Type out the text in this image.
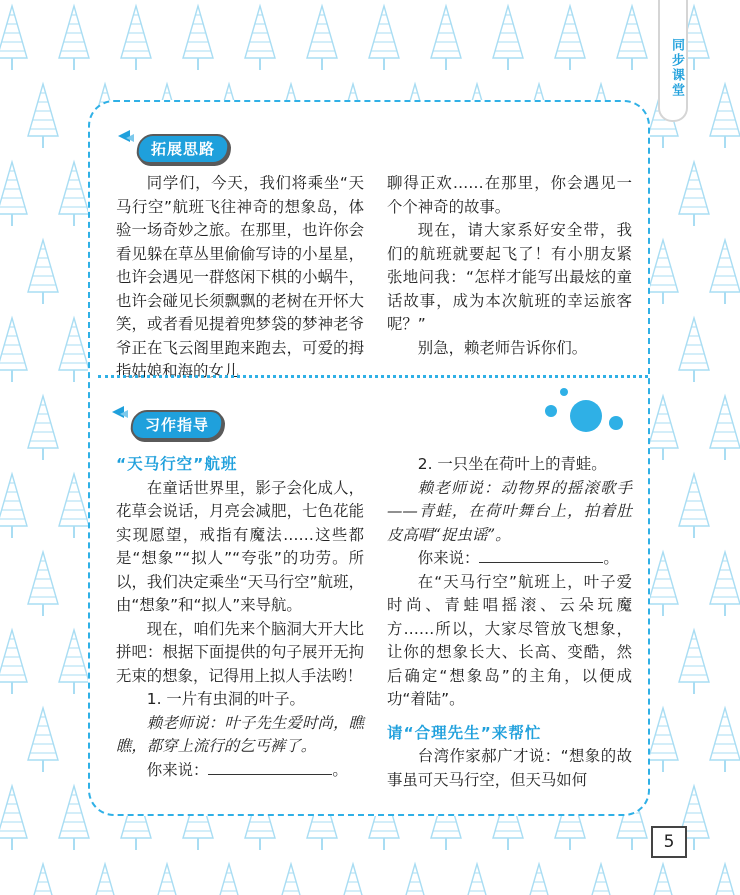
同步课堂
拓展思路

同学们，今天，我们将乘坐“天马行空”航班飞往神奇的想象岛，体验一场奇妙之旅。在那里，也许你会看见躲在草丛里偷偷写诗的小星星，也许会遇见一群悠闲下棋的小蜗牛，也许会碰见长须飘飘的老树在开怀大笑，或者看见提着兜梦袋的梦神老爷爷正在飞云阁里跑来跑去，可爱的拇指姑娘和海的女儿

聊得正欢……在那里，你会遇见一个个神奇的故事。

现在，请大家系好安全带，我们的航班就要起飞了！有小朋友紧张地问我：“怎样才能写出最炫的童话故事，成为本次航班的幸运旅客呢？”

别急，赖老师告诉你们。

习作指导

“天马行空”航班

在童话世界里，影子会化成人，花草会说话，月亮会减肥，七色花能实现愿望，戒指有魔法……这些都是“想象”“拟人”“夸张”的功劳。所以，我们决定乘坐“天马行空”航班，由“想象”和“拟人”来导航。

现在，咱们先来个脑洞大开大比拼吧：根据下面提供的句子展开无拘无束的想象，记得用上拟人手法哟！

1. 一片有虫洞的叶子。

赖老师说：叶子先生爱时尚，瞧瞧，都穿上流行的乞丐裤了。

你来说：	。

2. 一只坐在荷叶上的青蛙。

赖老师说：动物界的摇滚歌手——青蛙，在荷叶舞台上，拍着肚皮高唱“捉虫谣”。

你来说：	。

在“天马行空”航班上，叶子爱时尚、青蛙唱摇滚、云朵玩魔方……所以，大家尽管放飞想象，让你的想象长大、长高、变酷，然后确定“想象岛”的主角，以便成功“着陆”。

请“合理先生”来帮忙

台湾作家郝广才说：“想象的故事虽可天马行空，但天马如何

5
